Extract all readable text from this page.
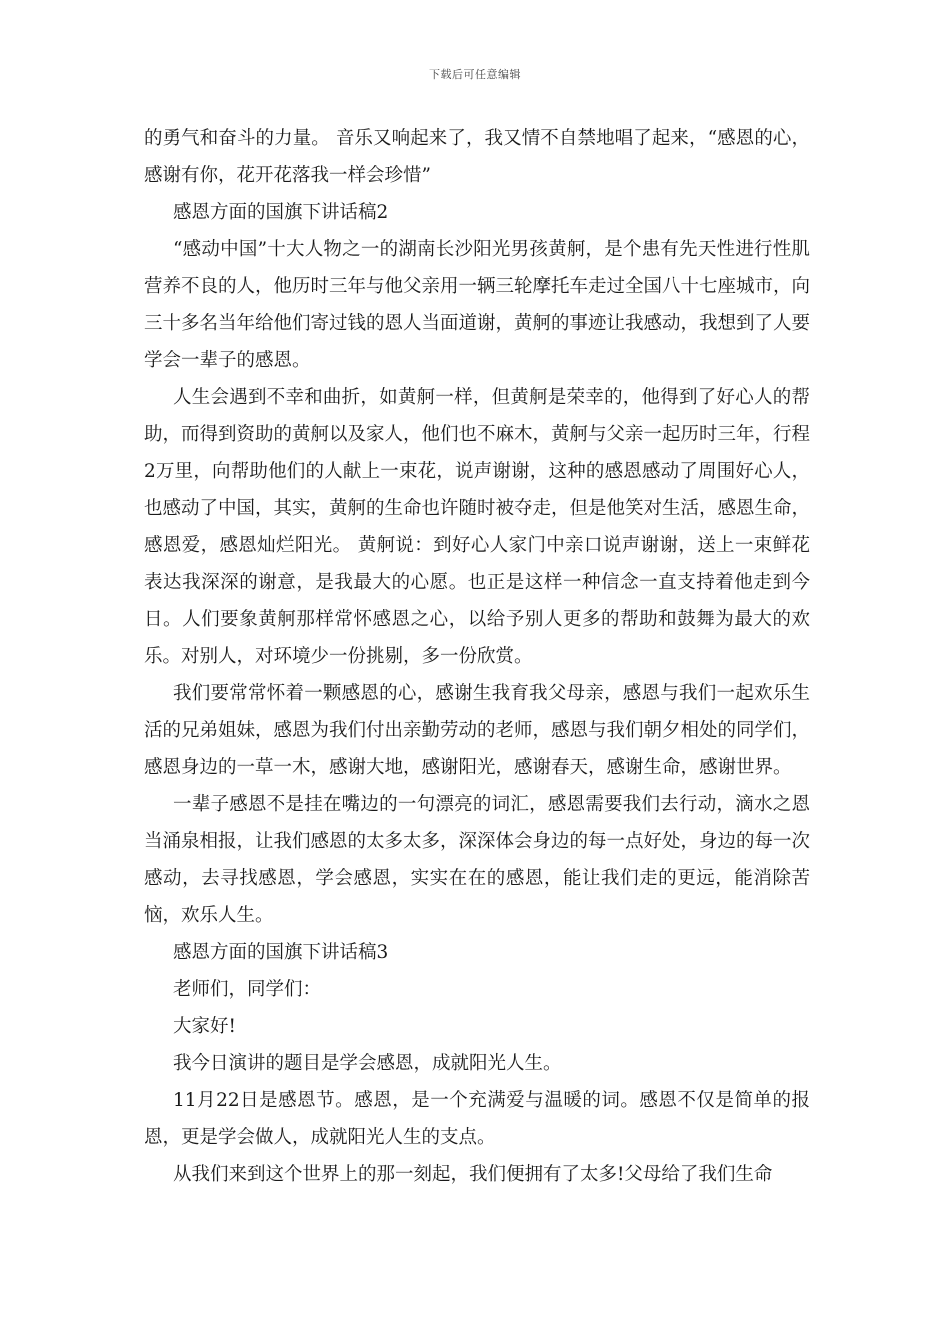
下载后可任意编辑

的勇气和奋斗的力量。 音乐又响起来了，我又情不自禁地唱了起来，“感恩的心，感谢有你，花开花落我一样会珍惜”

感恩方面的国旗下讲话稿2

“感动中国”十大人物之一的湖南长沙阳光男孩黄舸，是个患有先天性进行性肌营养不良的人，他历时三年与他父亲用一辆三轮摩托车走过全国八十七座城市，向三十多名当年给他们寄过钱的恩人当面道谢，黄舸的事迹让我感动，我想到了人要学会一辈子的感恩。

人生会遇到不幸和曲折，如黄舸一样，但黄舸是荣幸的，他得到了好心人的帮助，而得到资助的黄舸以及家人，他们也不麻木，黄舸与父亲一起历时三年，行程2万里，向帮助他们的人献上一束花，说声谢谢，这种的感恩感动了周围好心人，也感动了中国，其实，黄舸的生命也许随时被夺走，但是他笑对生活，感恩生命，感恩爱，感恩灿烂阳光。 黄舸说：到好心人家门中亲口说声谢谢，送上一束鲜花表达我深深的谢意，是我最大的心愿。也正是这样一种信念一直支持着他走到今日。人们要象黄舸那样常怀感恩之心，以给予别人更多的帮助和鼓舞为最大的欢乐。对别人，对环境少一份挑剔，多一份欣赏。

我们要常常怀着一颗感恩的心，感谢生我育我父母亲，感恩与我们一起欢乐生活的兄弟姐妹，感恩为我们付出亲勤劳动的老师，感恩与我们朝夕相处的同学们，感恩身边的一草一木，感谢大地，感谢阳光，感谢春天，感谢生命，感谢世界。

一辈子感恩不是挂在嘴边的一句漂亮的词汇，感恩需要我们去行动，滴水之恩当涌泉相报，让我们感恩的太多太多，深深体会身边的每一点好处，身边的每一次感动，去寻找感恩，学会感恩，实实在在的感恩，能让我们走的更远，能消除苦恼，欢乐人生。

感恩方面的国旗下讲话稿3

老师们，同学们：

大家好!

我今日演讲的题目是学会感恩，成就阳光人生。

11月22日是感恩节。感恩，是一个充满爱与温暖的词。感恩不仅是简单的报恩，更是学会做人，成就阳光人生的支点。

从我们来到这个世界上的那一刻起，我们便拥有了太多!父母给了我们生命
